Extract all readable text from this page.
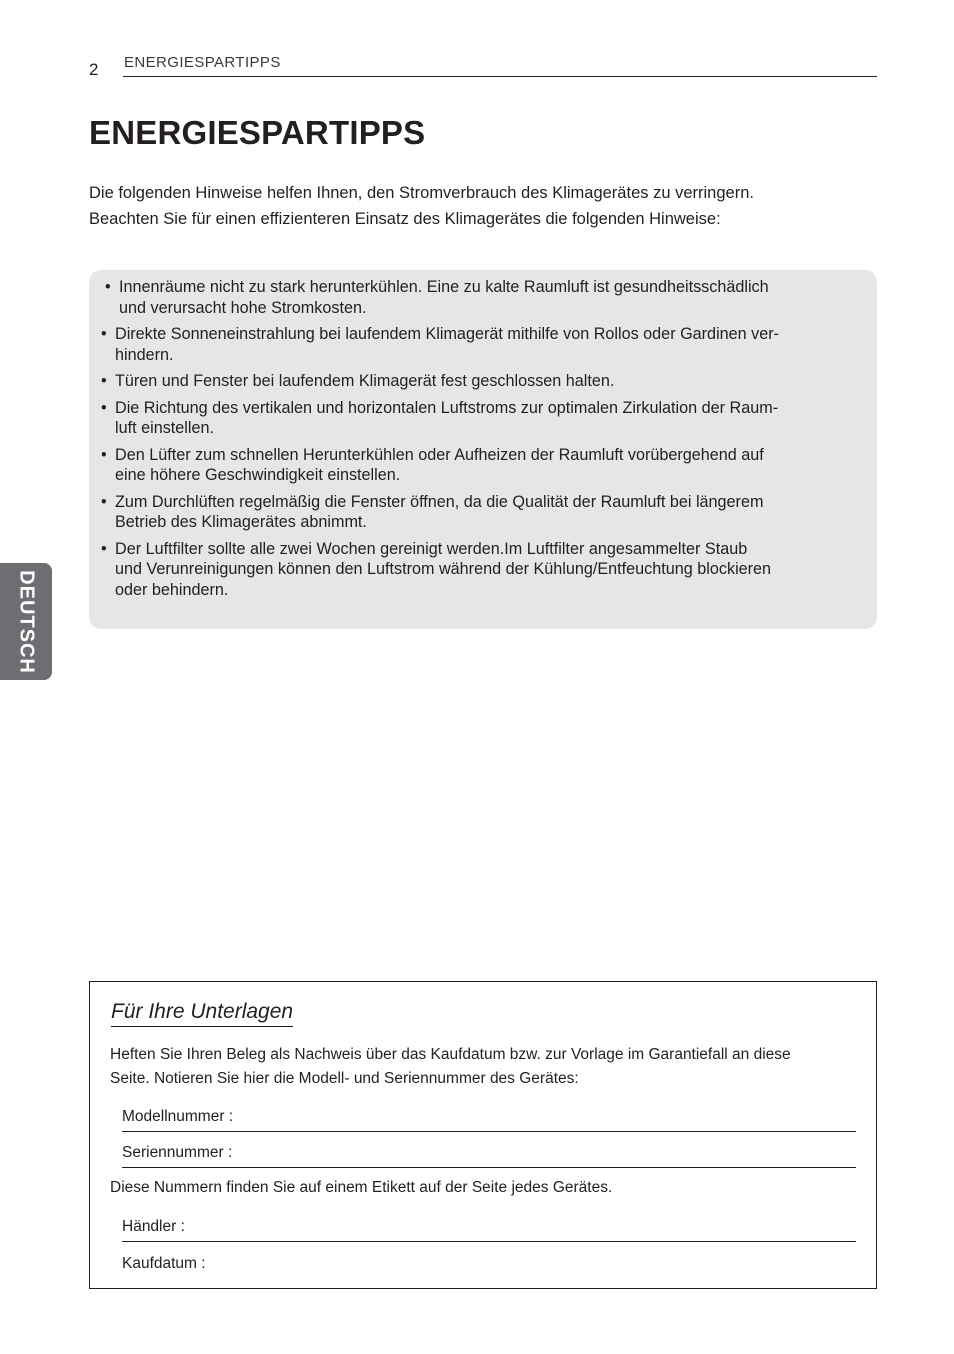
2 ENERGIESPARTIPPS
ENERGIESPARTIPPS

Die folgenden Hinweise helfen Ihnen, den Stromverbrauch des Klimagerätes zu verringern.

Beachten Sie für einen effizienteren Einsatz des Klimagerätes die folgenden Hinweise:

• Innenräume nicht zu stark herunterkühlen. Eine zu kalte Raumluft ist gesundheitsschädlich
und verursacht hohe Stromkosten.
• Direkte Sonneneinstrahlung bei laufendem Klimagerät mithilfe von Rollos oder Gardinen ver-
hindern.
• Türen und Fenster bei laufendem Klimagerät fest geschlossen halten.
• Die Richtung des vertikalen und horizontalen Luftstroms zur optimalen Zirkulation der Raum-
luft einstellen.
• Den Lüfter zum schnellen Herunterkühlen oder Aufheizen der Raumluft vorübergehend auf
eine höhere Geschwindigkeit einstellen.
• Zum Durchlüften regelmäßig die Fenster öffnen, da die Qualität der Raumluft bei längerem
Betrieb des Klimagerätes abnimmt.
• Der Luftfilter sollte alle zwei Wochen gereinigt werden.Im Luftfilter angesammelter Staub
und Verunreinigungen können den Luftstrom während der Kühlung/Entfeuchtung blockieren
oder behindern.
DEUTSCH
Für Ihre Unterlagen

Heften Sie Ihren Beleg als Nachweis über das Kaufdatum bzw. zur Vorlage im Garantiefall an diese

Seite. Notieren Sie hier die Modell- und Seriennummer des Gerätes:

Modellnummer :
Seriennummer :
Diese Nummern finden Sie auf einem Etikett auf der Seite jedes Gerätes.
Händler :
Kaufdatum :
